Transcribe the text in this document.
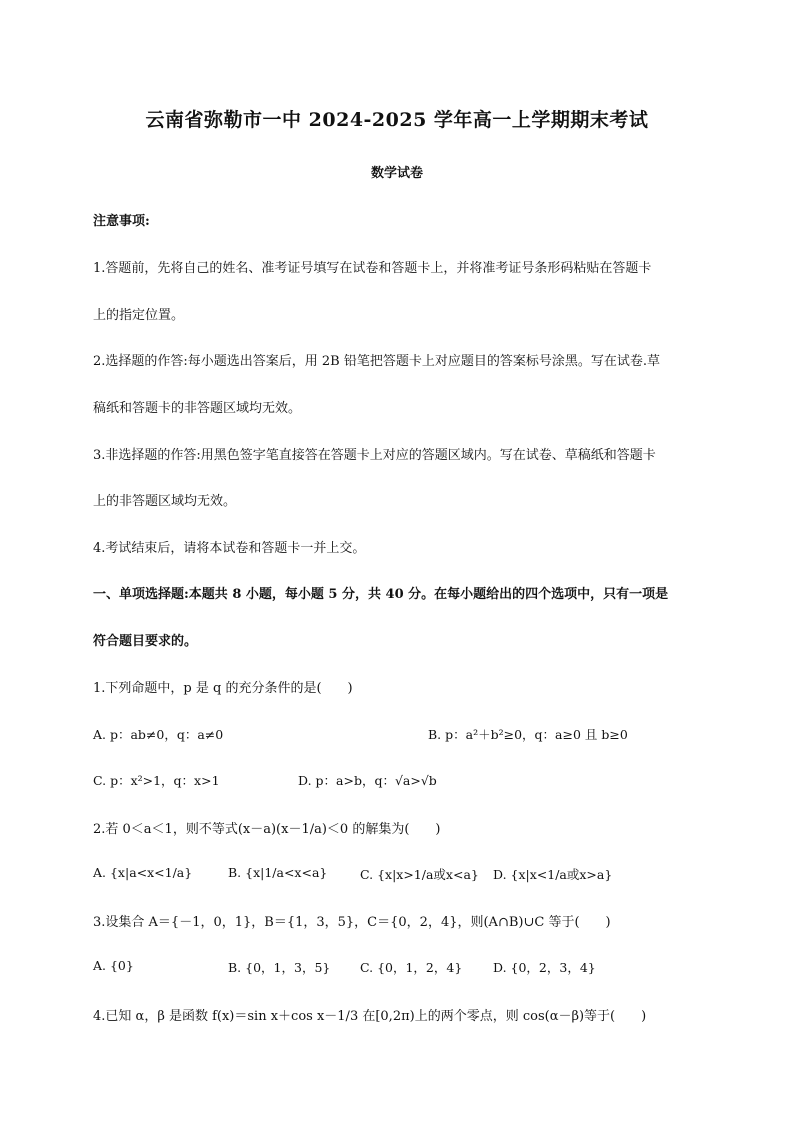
云南省弥勒市一中 2024-2025 学年高一上学期期末考试
数学试卷
注意事项:
1.答题前，先将自己的姓名、准考证号填写在试卷和答题卡上，并将准考证号条形码粘贴在答题卡
上的指定位置。
2.选择题的作答:每小题选出答案后，用 2B 铅笔把答题卡上对应题目的答案标号涂黑。写在试卷.草
稿纸和答题卡的非答题区域均无效。
3.非选择题的作答:用黑色签字笔直接答在答题卡上对应的答题区域内。写在试卷、草稿纸和答题卡
上的非答题区域均无效。
4.考试结束后，请将本试卷和答题卡一并上交。
一、单项选择题:本题共 8 小题，每小题 5 分，共 40 分。在每小题给出的四个选项中，只有一项是
符合题目要求的。
1.下列命题中，p 是 q 的充分条件的是(　　)
A. p：ab≠0，q：a≠0	B. p：a²＋b²≥0，q：a≥0 且 b≥0
C. p：x²>1，q：x>1	D. p：a>b，q：√a>√b
2.若 0＜a＜1，则不等式(x－a)(x－1/a)＜0 的解集为(　　)
A. {x|a<x<1/a}	B. {x|1/a<x<a}	C. {x|x>1/a或x<a} D. {x|x<1/a或x>a}
3.设集合 A＝{－1，0，1}，B＝{1，3，5}，C＝{0，2，4}，则(A∩B)∪C 等于(　　)
A. {0}	B. {0，1，3，5} C. {0，1，2，4} D. {0，2，3，4}
4.已知 α，β 是函数 f(x)＝sin x＋cos x－1/3 在[0,2π)上的两个零点，则 cos(α－β)等于(　　)
